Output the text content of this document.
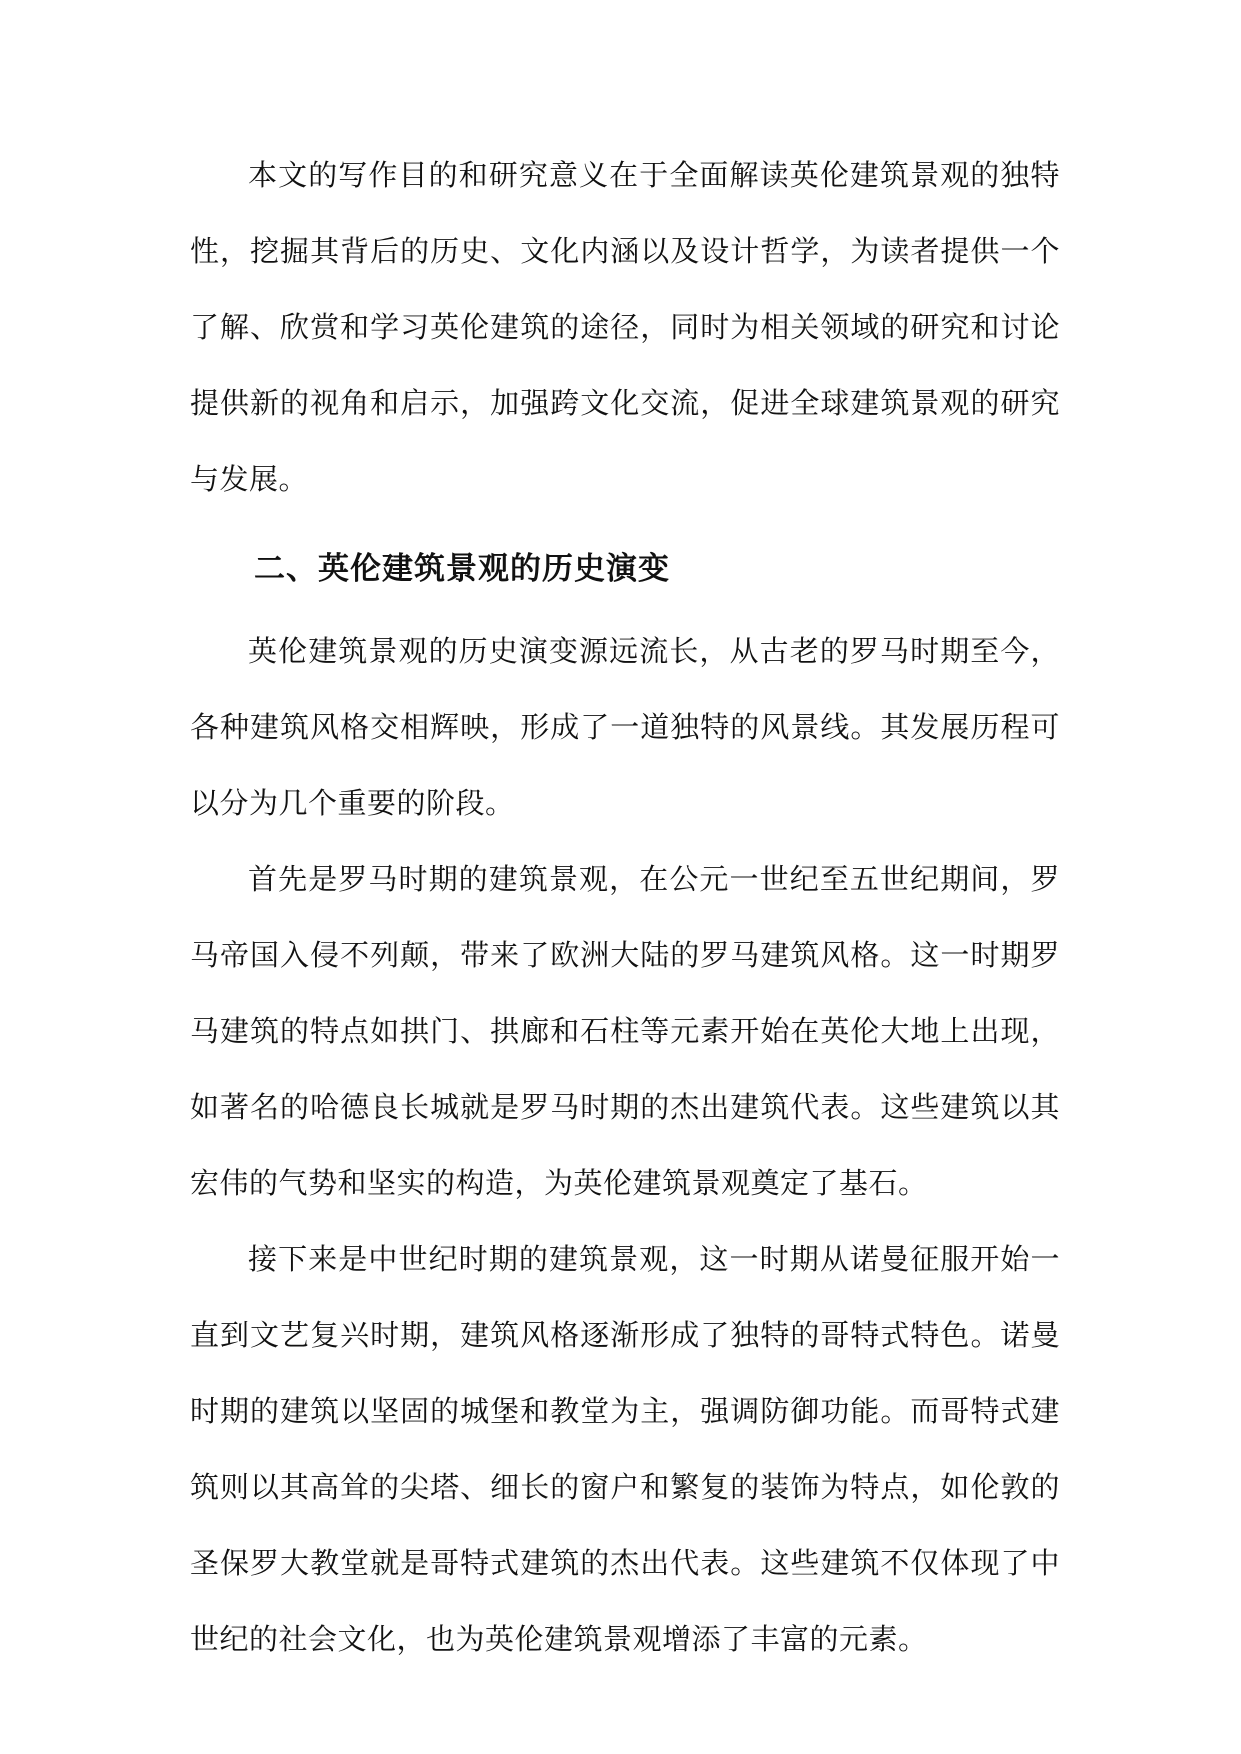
本文的写作目的和研究意义在于全面解读英伦建筑景观的独特性，挖掘其背后的历史、文化内涵以及设计哲学，为读者提供一个了解、欣赏和学习英伦建筑的途径，同时为相关领域的研究和讨论提供新的视角和启示，加强跨文化交流，促进全球建筑景观的研究与发展。

二、英伦建筑景观的历史演变

英伦建筑景观的历史演变源远流长，从古老的罗马时期至今，各种建筑风格交相辉映，形成了一道独特的风景线。其发展历程可以分为几个重要的阶段。

首先是罗马时期的建筑景观，在公元一世纪至五世纪期间，罗马帝国入侵不列颠，带来了欧洲大陆的罗马建筑风格。这一时期罗马建筑的特点如拱门、拱廊和石柱等元素开始在英伦大地上出现，如著名的哈德良长城就是罗马时期的杰出建筑代表。这些建筑以其宏伟的气势和坚实的构造，为英伦建筑景观奠定了基石。

接下来是中世纪时期的建筑景观，这一时期从诺曼征服开始一直到文艺复兴时期，建筑风格逐渐形成了独特的哥特式特色。诺曼时期的建筑以坚固的城堡和教堂为主，强调防御功能。而哥特式建筑则以其高耸的尖塔、细长的窗户和繁复的装饰为特点，如伦敦的圣保罗大教堂就是哥特式建筑的杰出代表。这些建筑不仅体现了中世纪的社会文化，也为英伦建筑景观增添了丰富的元素。
